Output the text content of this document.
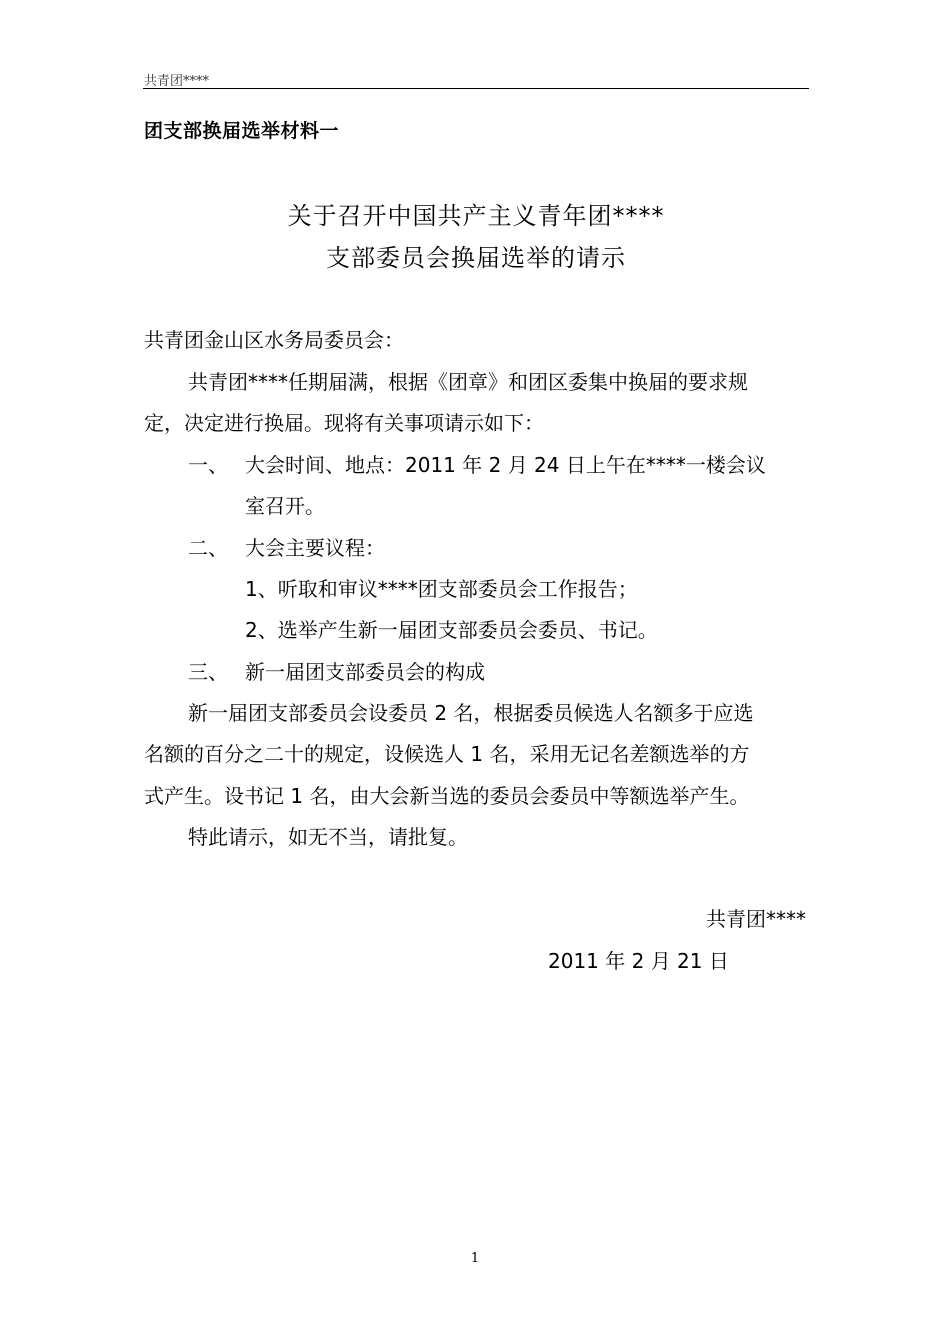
共青团****
团支部换届选举材料一
关于召开中国共产主义青年团****
支部委员会换届选举的请示
共青团金山区水务局委员会：
共青团****任期届满，根据《团章》和团区委集中换届的要求规
定，决定进行换届。现将有关事项请示如下：
一、 大会时间、地点：2011 年 2 月 24 日上午在****一楼会议
室召开。
二、 大会主要议程：
1、听取和审议****团支部委员会工作报告；
2、选举产生新一届团支部委员会委员、书记。
三、 新一届团支部委员会的构成
新一届团支部委员会设委员 2 名，根据委员候选人名额多于应选
名额的百分之二十的规定，设候选人 1 名，采用无记名差额选举的方
式产生。设书记 1 名，由大会新当选的委员会委员中等额选举产生。
特此请示，如无不当，请批复。
共青团****
2011 年 2 月 21 日
1
